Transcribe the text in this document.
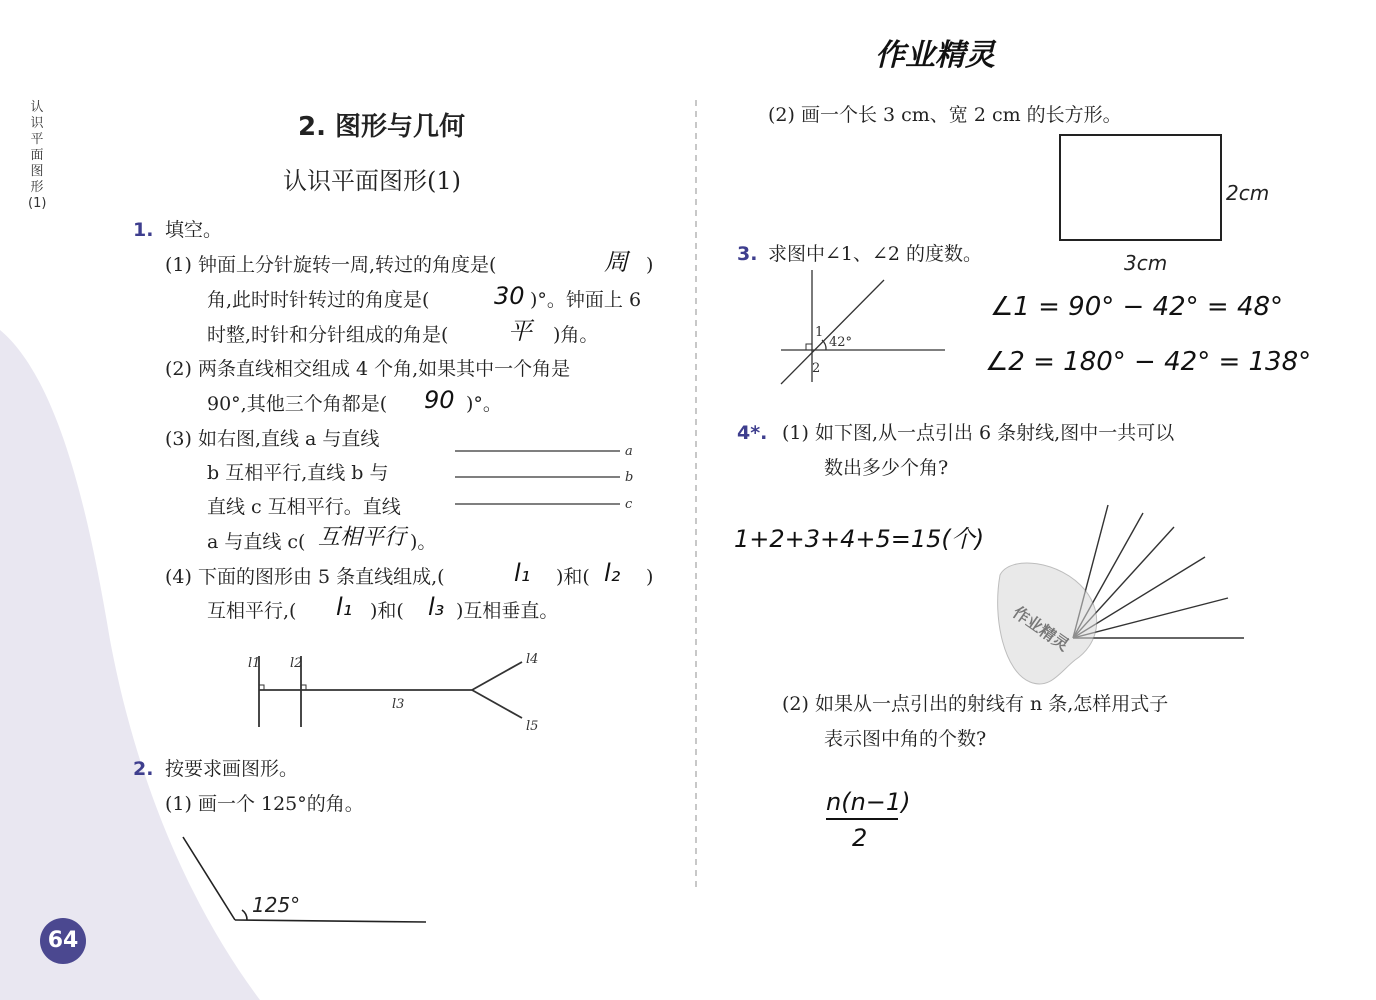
认识平面图形(1)
作业精灵
2. 图形与几何
认识平面图形(1)
1. 填空。
(1) 钟面上分针旋转一周,转过的角度是(	周 )
角,此时时针转过的角度是(	30 )°。钟面上 6
时整,时针和分针组成的角是( 平 )角。
(2) 两条直线相交组成 4 个角,如果其中一个角是
90°,其他三个角都是( 90 )°。
(3) 如右图,直线 a 与直线
b 互相平行,直线 b 与
直线 c 互相平行。直线
a 与直线 c( 互相平行 )。
(4) 下面的图形由 5 条直线组成,(	l₁ )和( l₂ )
互相平行,( l₁ )和( l₃ )互相垂直。
2. 按要求画图形。
(1) 画一个 125°的角。
(2) 画一个长 3 cm、宽 2 cm 的长方形。
3. 求图中∠1、∠2 的度数。
∠1 = 90° − 42° = 48°
∠2 = 180° − 42° = 138°
4*. (1) 如下图,从一点引出 6 条射线,图中一共可以
数出多少个角?
1+2+3+4+5=15(个)
(2) 如果从一点引出的射线有 n 条,怎样用式子
表示图中角的个数?
n(n−1)
2
a
b
c
l1 l2
l3
l4
l5
125°
2cm
3cm
1
42°
2
作业精灵
64
